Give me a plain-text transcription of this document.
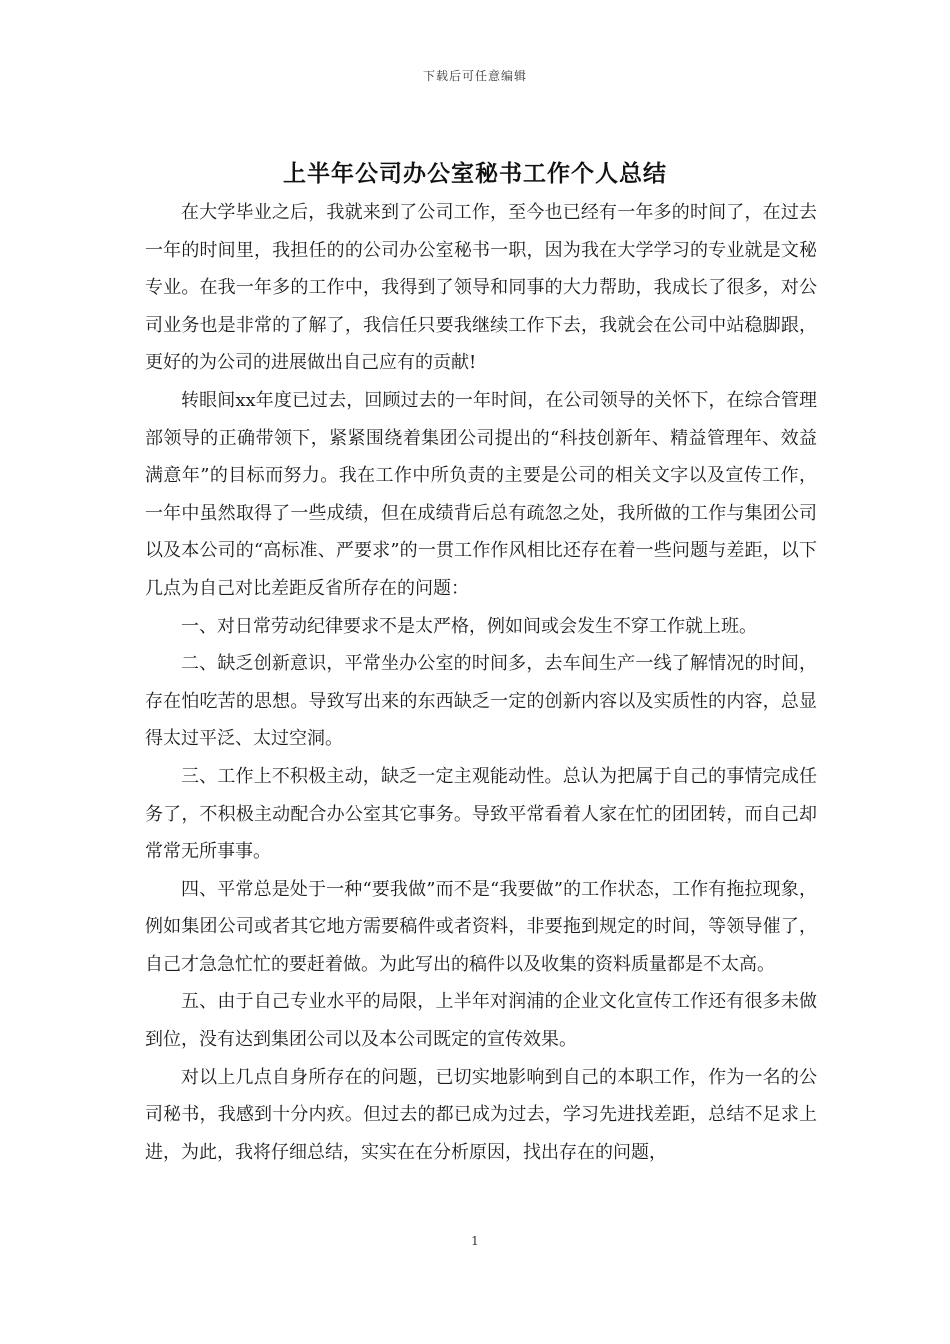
下载后可任意编辑
上半年公司办公室秘书工作个人总结

在大学毕业之后，我就来到了公司工作，至今也已经有一年多的时间了，在过去一年的时间里，我担任的的公司办公室秘书一职，因为我在大学学习的专业就是文秘专业。在我一年多的工作中，我得到了领导和同事的大力帮助，我成长了很多，对公司业务也是非常的了解了，我信任只要我继续工作下去，我就会在公司中站稳脚跟，更好的为公司的进展做出自己应有的贡献!

转眼间xx年度已过去，回顾过去的一年时间，在公司领导的关怀下，在综合管理部领导的正确带领下，紧紧围绕着集团公司提出的“科技创新年、精益管理年、效益满意年”的目标而努力。我在工作中所负责的主要是公司的相关文字以及宣传工作，一年中虽然取得了一些成绩，但在成绩背后总有疏忽之处，我所做的工作与集团公司以及本公司的“高标准、严要求”的一贯工作作风相比还存在着一些问题与差距，以下几点为自己对比差距反省所存在的问题：

一、对日常劳动纪律要求不是太严格，例如间或会发生不穿工作就上班。

二、缺乏创新意识，平常坐办公室的时间多，去车间生产一线了解情况的时间，存在怕吃苦的思想。导致写出来的东西缺乏一定的创新内容以及实质性的内容，总显得太过平泛、太过空洞。

三、工作上不积极主动，缺乏一定主观能动性。总认为把属于自己的事情完成任务了，不积极主动配合办公室其它事务。导致平常看着人家在忙的团团转，而自己却常常无所事事。

四、平常总是处于一种“要我做”而不是“我要做”的工作状态，工作有拖拉现象，例如集团公司或者其它地方需要稿件或者资料，非要拖到规定的时间，等领导催了，自己才急急忙忙的要赶着做。为此写出的稿件以及收集的资料质量都是不太高。

五、由于自己专业水平的局限，上半年对润浦的企业文化宣传工作还有很多未做到位，没有达到集团公司以及本公司既定的宣传效果。

对以上几点自身所存在的问题，已切实地影响到自己的本职工作，作为一名的公司秘书，我感到十分内疚。但过去的都已成为过去，学习先进找差距，总结不足求上进，为此，我将仔细总结，实实在在分析原因，找出存在的问题，

1
